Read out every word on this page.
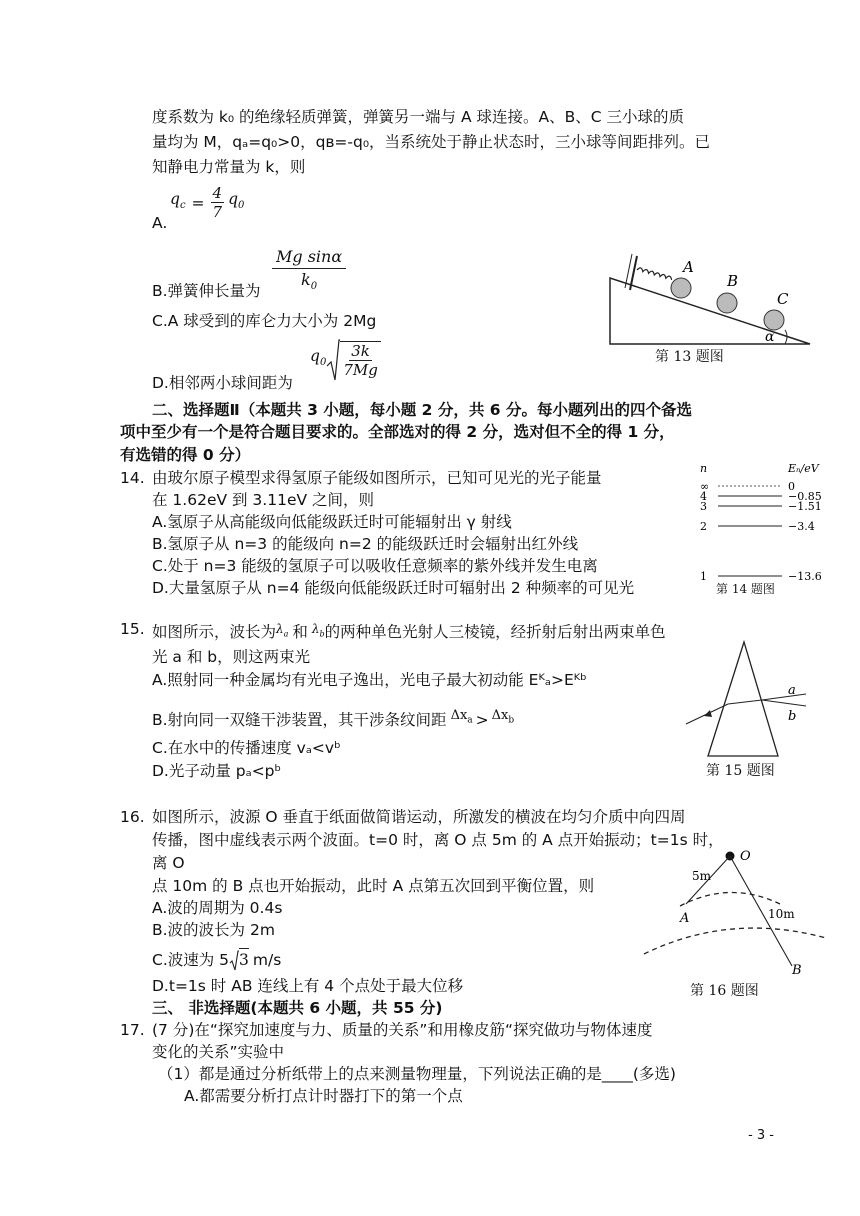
度系数为 k₀ 的绝缘轻质弹簧，弹簧另一端与 A 球连接。A、B、C 三小球的质
量均为 M，qₐ=q₀>0，qʙ=-q₀，当系统处于静止状态时，三小球等间距排列。已
知静电力常量为 k，则
A.
$q_c = \frac{4}{7} q_0$
B.弹簧伸长量为 $\frac{\text{Mg sinα}}{k_0}$
C.A 球受到的库仑力大小为 2Mg
D.相邻两小球间距为
$q_0 \frac{3k}{7Mg}$
A
B
C
α
第 13 题图
二、选择题Ⅱ（本题共 3 小题，每小题 2 分，共 6 分。每小题列出的四个备选
项中至少有一个是符合题目要求的。全部选对的得 2 分，选对但不全的得 1 分，
有选错的得 0 分）
14. 由玻尔原子模型求得氢原子能级如图所示，已知可见光的光子能量
在 1.62eV 到 3.11eV 之间，则
A.氢原子从高能级向低能级跃迁时可能辐射出 γ 射线
B.氢原子从 n=3 的能级向 n=2 的能级跃迁时会辐射出红外线
C.处于 n=3 能级的氢原子可以吸收任意频率的紫外线并发生电离
D.大量氢原子从 n=4 能级向低能级跃迁时可辐射出 2 种频率的可见光
n	Eₙ/eV
∞	0
4	−0.85
3	−1.51
2	−3.4
1	−13.6
第 14 题图
15. 如图所示，波长为$^{\lambda_a}$ 和 $^{\lambda_b}$的两种单色光射人三棱镜，经折射后射出两束单色
光 a 和 b，则这两束光
A.照射同一种金属均有光电子逸出，光电子最大初动能 Eᴷₐ>Eᴷᵇ
B.射向同一双缝干涉装置，其干涉条纹间距 $^{\Delta x_a}$ > $^{\Delta x_b}$
C.在水中的传播速度 vₐ<vᵇ
D.光子动量 pₐ<pᵇ
a
b
第 15 题图
16. 如图所示，波源 O 垂直于纸面做简谐运动，所激发的横波在均匀介质中向四周
传播，图中虚线表示两个波面。t=0 时，离 O 点 5m 的 A 点开始振动；t=1s 时，
离 O
点 10m 的 B 点也开始振动，此时 A 点第五次回到平衡位置，则
A.波的周期为 0.4s
B.波的波长为 2m
C.波速为 5 3 m/s
D.t=1s 时 AB 连线上有 4 个点处于最大位移
O
5m
10m
A
B
第 16 题图
三、 非选择题(本题共 6 小题，共 55 分)
17. (7 分)在“探究加速度与力、质量的关系”和用橡皮筋“探究做功与物体速度
变化的关系”实验中
（1）都是通过分析纸带上的点来测量物理量，下列说法正确的是____(多选)
A.都需要分析打点计时器打下的第一个点
- 3 -
